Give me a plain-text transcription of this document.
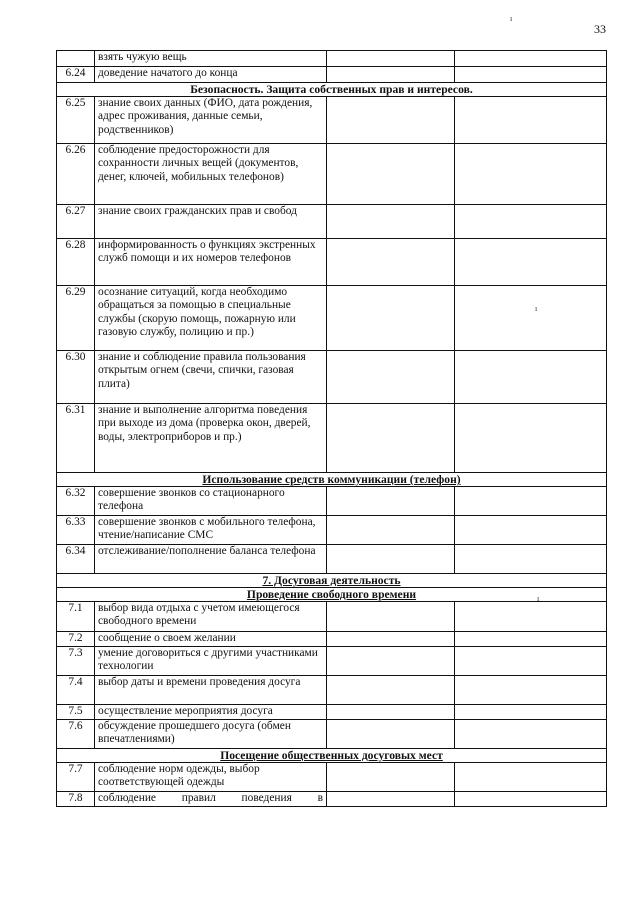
33
ı
ı
ı
	взять чужую вещь		
6.24	доведение начатого до конца		
Безопасность. Защита собственных прав и интересов.			
6.25	знание своих данных (ФИО, дата рождения, адрес проживания, данные семьи, родственников)		
6.26	соблюдение предосторожности для сохранности личных вещей (документов, денег, ключей, мобильных телефонов)		
6.27	знание своих гражданских прав и свобод		
6.28	информированность о функциях экстренных служб помощи и их номеров телефонов		
6.29	осознание ситуаций, когда необходимо обращаться за помощью в специальные службы (скорую помощь, пожарную или газовую службу, полицию и пр.)		
6.30	знание и соблюдение правила пользования открытым огнем (свечи, спички, газовая плита)		
6.31	знание и выполнение алгоритма поведения при выходе из дома (проверка окон, дверей, воды, электроприборов и пр.)		
Использование средств коммуникации (телефон)			
6.32	совершение звонков со стационарного телефона		
6.33	совершение звонков с мобильного телефона, чтение/написание СМС		
6.34	отслеживание/пополнение баланса телефона		
7. Досуговая деятельность			
Проведение свободного времени			
7.1	выбор вида отдыха с учетом имеющегося свободного времени		
7.2	сообщение о своем желании		
7.3	умение договориться с другими участниками технологии		
7.4	выбор даты и времени проведения досуга		
7.5	осуществление мероприятия досуга		
7.6	обсуждение прошедшего досуга (обмен впечатлениями)		
Посещение общественных досуговых мест			
7.7	соблюдение норм одежды, выбор соответствующей одежды		
7.8	соблюдение правил поведения в		
